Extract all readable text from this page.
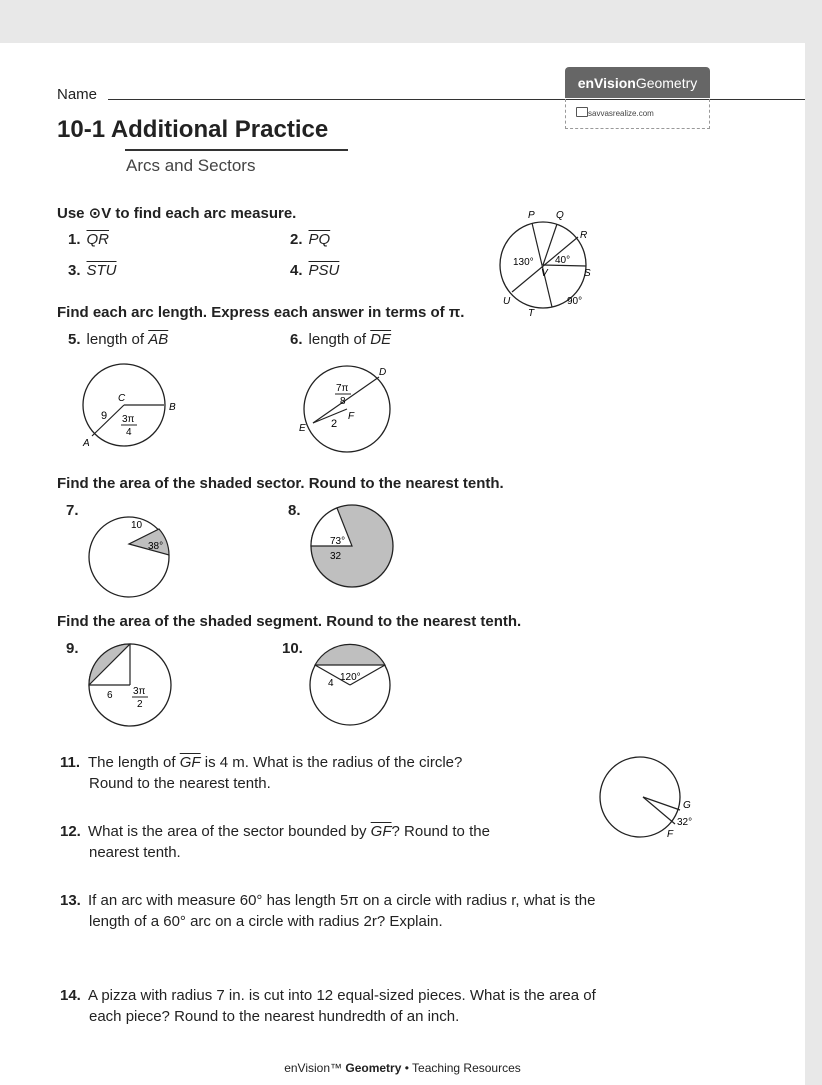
Name
enVision Geometry
savvasrealize.com
10-1 Additional Practice
Arcs and Sectors
Use ⊙V to find each arc measure.
1. $\overline{QR}$	2. $\overline{PQ}$
3. $\overline{STU}$	4. $\overline{PSU}$
P Q
R
S
T
U
V
130° 40°
90°
Find each arc length. Express each answer in terms of π.
5. length of $\overline{AB}$	6. length of $\overline{DE}$
C
B
A
9 3π
4
D
E
F
2
7π
8
Find the area of the shaded sector. Round to the nearest tenth.
7.	8.
10
38°	73°
32
Find the area of the shaded segment. Round to the nearest tenth.
9.	10.
6 3π
2
120°
4
11. The length of $\overline{GF}$ is 4 m. What is the radius of the circle?
Round to the nearest tenth.
12. What is the area of the sector bounded by $\overline{GF}$? Round to the
nearest tenth.
G
F
32°
13. If an arc with measure 60° has length 5π on a circle with radius r, what is the
length of a 60° arc on a circle with radius 2r? Explain.
14. A pizza with radius 7 in. is cut into 12 equal-sized pieces. What is the area of
each piece? Round to the nearest hundredth of an inch.
enVision™ Geometry • Teaching Resources
